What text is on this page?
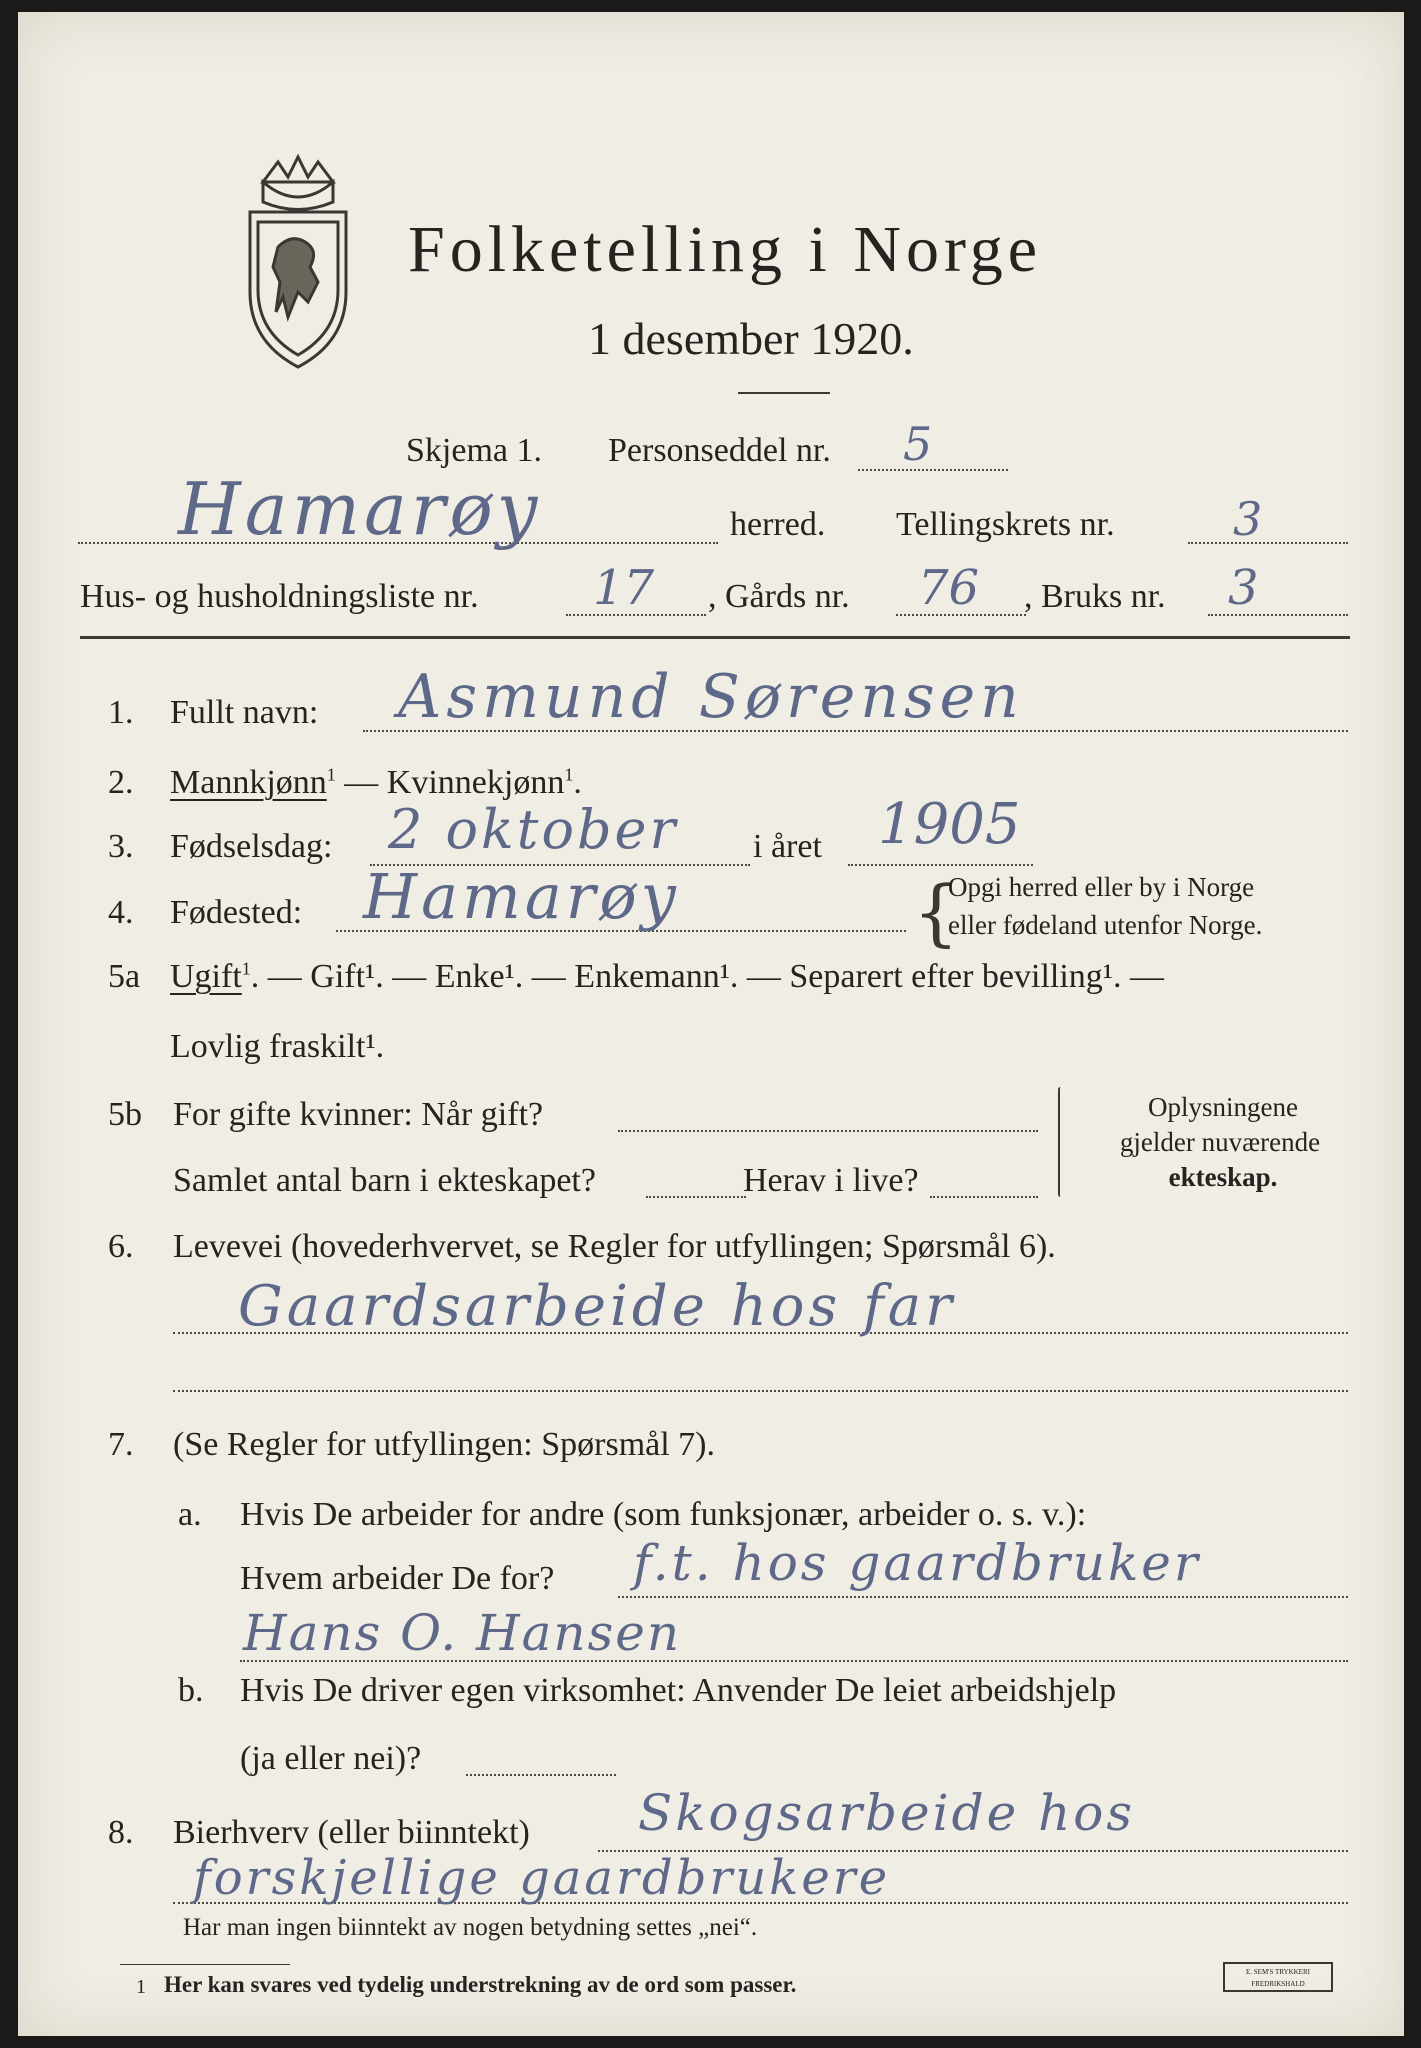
Folketelling i Norge
1 desember 1920.
Skjema 1. Personseddel nr. 5
Hamarøy	herred. Tellingskrets nr.	3
Hus- og husholdningsliste nr. 17 , Gårds nr. 76 , Bruks nr. 3
1. Fullt navn: Asmund Sørensen
2. Mannkjønn$^1$ — Kvinnekjønn$^1$.
3. Fødselsdag: 2 oktober i året 1905
4. Fødested: Hamarøy	{
Opgi herred eller by i Norge
eller fødeland utenfor Norge.
5a Ugift$^1$. — Gift¹. — Enke¹. — Enkemann¹. — Separert efter bevilling¹. —
Lovlig fraskilt¹.
5b For gifte kvinner: Når gift?
Samlet antal barn i ekteskapet?	Herav i live?
Oplysningene
gjelder nuværende
ekteskap.
6. Levevei (hovederhvervet, se Regler for utfyllingen; Spørsmål 6).
Gaardsarbeide hos far
7. (Se Regler for utfyllingen: Spørsmål 7).
a. Hvis De arbeider for andre (som funksjonær, arbeider o. s. v.):
Hvem arbeider De for? f.t. hos gaardbruker
Hans O. Hansen
b. Hvis De driver egen virksomhet: Anvender De leiet arbeidshjelp
(ja eller nei)?
8. Bierhverv (eller biinntekt) Skogsarbeide hos
forskjellige gaardbrukere
Har man ingen biinntekt av nogen betydning settes „nei“.
1 Her kan svares ved tydelig understrekning av de ord som passer.	E. SEM'S TRYKKERI FREDRIKSHALD
